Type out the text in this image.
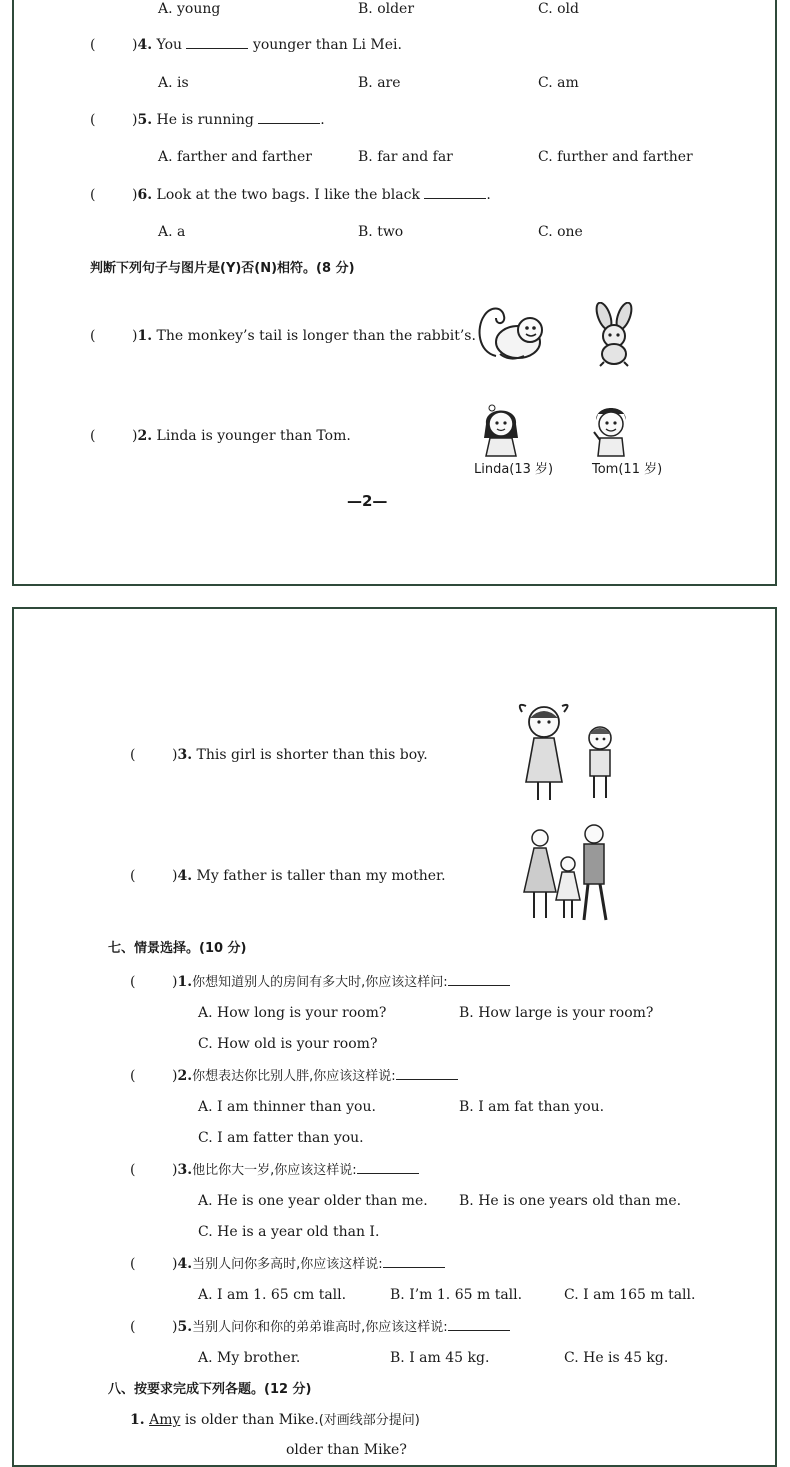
A. young	B. older	C. old
(	)4. You	younger than Li Mei.
A. is	B. are	C. am
(	)5. He is running	.
A. farther and farther	B. far and far	C. further and farther
(	)6. Look at the two bags. I like the black	.
A. a	B. two	C. one
判断下列句子与图片是(Y)否(N)相符。(8 分)
(	)1. The monkey’s tail is longer than the rabbit’s.
(	)2. Linda is younger than Tom.
Linda(13 岁)	Tom(11 岁)
—2—
(	)3. This girl is shorter than this boy.
(	)4. My father is taller than my mother.
七、情景选择。(10 分)
(	)1.你想知道别人的房间有多大时,你应该这样问:
A. How long is your room?	B. How large is your room?
C. How old is your room?
(	)2.你想表达你比别人胖,你应该这样说:
A. I am thinner than you.	B. I am fat than you.
C. I am fatter than you.
(	)3.他比你大一岁,你应该这样说:
A. He is one year older than me. B. He is one years old than me.
C. He is a year old than I.
(	)4.当别人问你多高时,你应该这样说:
A. I am 1. 65 cm tall.	B. I’m 1. 65 m tall.	C. I am 165 m tall.
(	)5.当别人问你和你的弟弟谁高时,你应该这样说:
A. My brother.	B. I am 45 kg.	C. He is 45 kg.
八、按要求完成下列各题。(12 分)
1. Amy is older than Mike.(对画线部分提问)
older than Mike?
